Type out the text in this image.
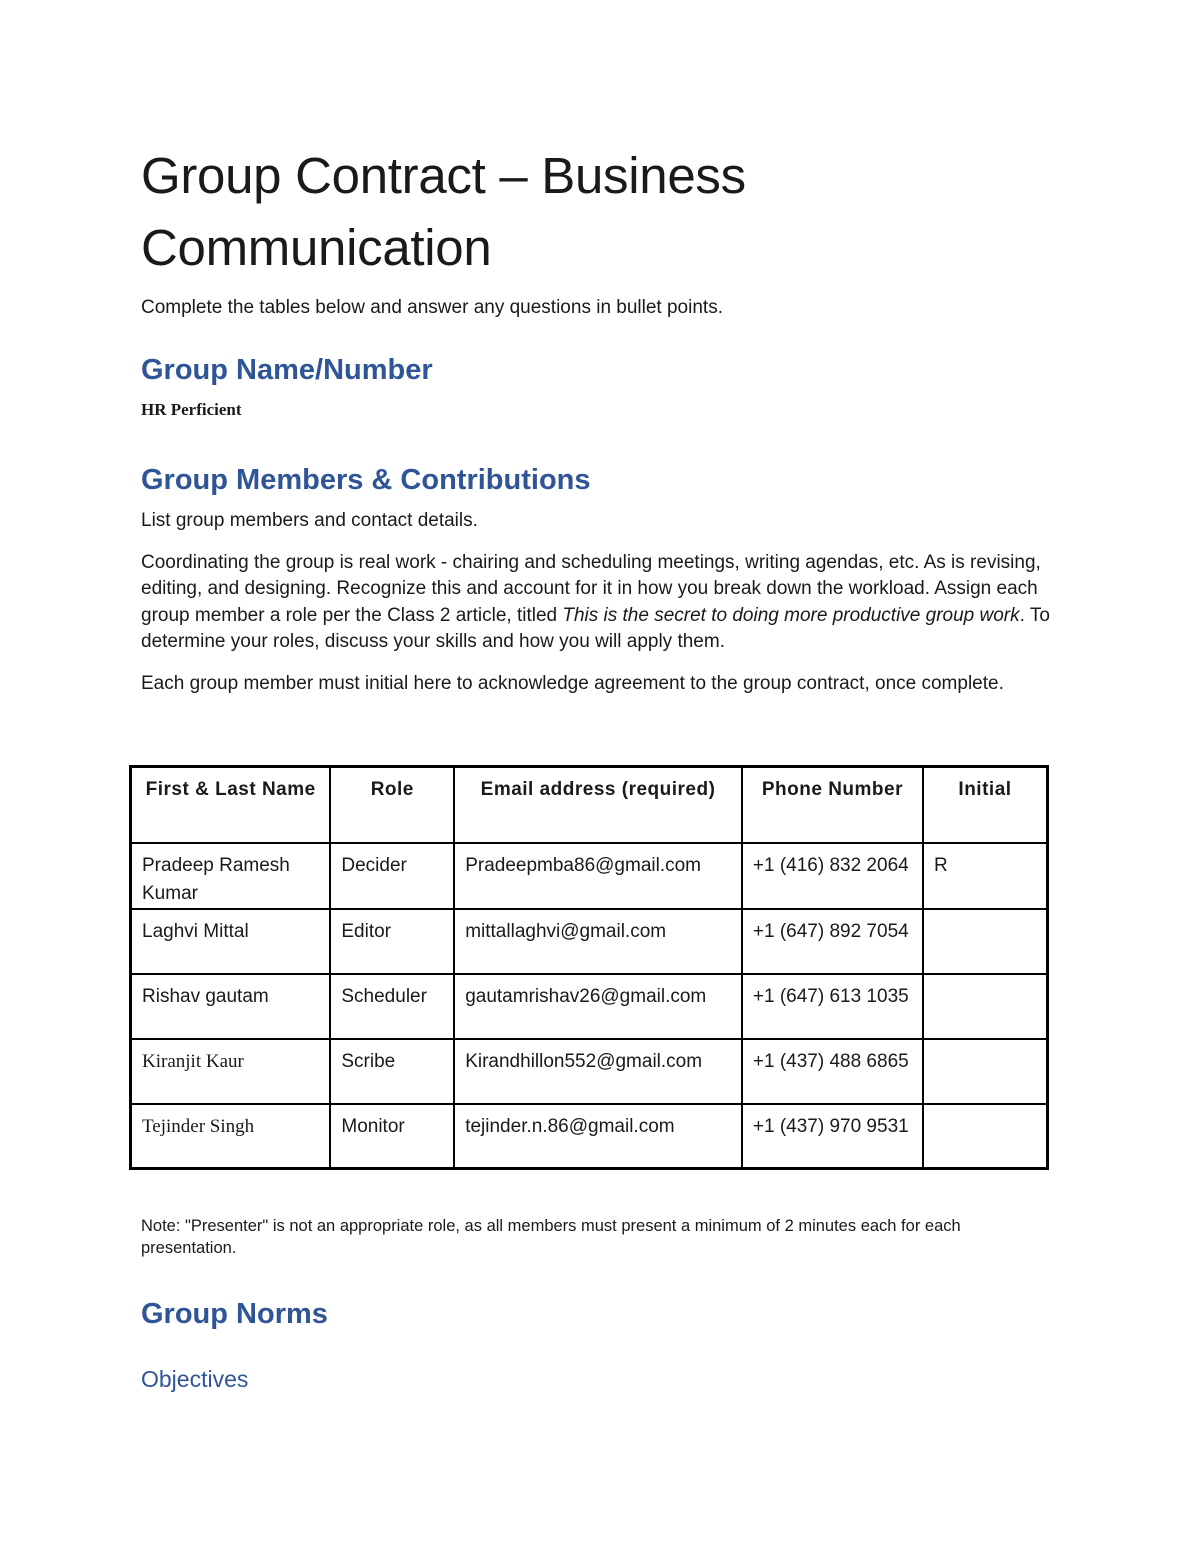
Group Contract – Business
Communication

Complete the tables below and answer any questions in bullet points.

Group Name/Number
HR Perficient
Group Members & Contributions

List group members and contact details.

Coordinating the group is real work - chairing and scheduling meetings, writing agendas, etc. As is revising, editing, and designing. Recognize this and account for it in how you break down the workload. Assign each group member a role per the Class 2 article, titled This is the secret to doing more productive group work. To determine your roles, discuss your skills and how you will apply them.

Each group member must initial here to acknowledge agreement to the group contract, once complete.

First & Last Name	Role	Email address (required)	Phone Number	Initial
Pradeep Ramesh Kumar	Decider	Pradeepmba86@gmail.com	+1 (416) 832 2064	R
Laghvi Mittal	Editor	mittallaghvi@gmail.com	+1 (647) 892 7054	
Rishav gautam	Scheduler	gautamrishav26@gmail.com	+1 (647) 613 1035	
Kiranjit Kaur	Scribe	Kirandhillon552@gmail.com	+1 (437) 488 6865	
Tejinder Singh	Monitor	tejinder.n.86@gmail.com	+1 (437) 970 9531	
Note: "Presenter" is not an appropriate role, as all members must present a minimum of 2 minutes each for each presentation.
Group Norms
Objectives
